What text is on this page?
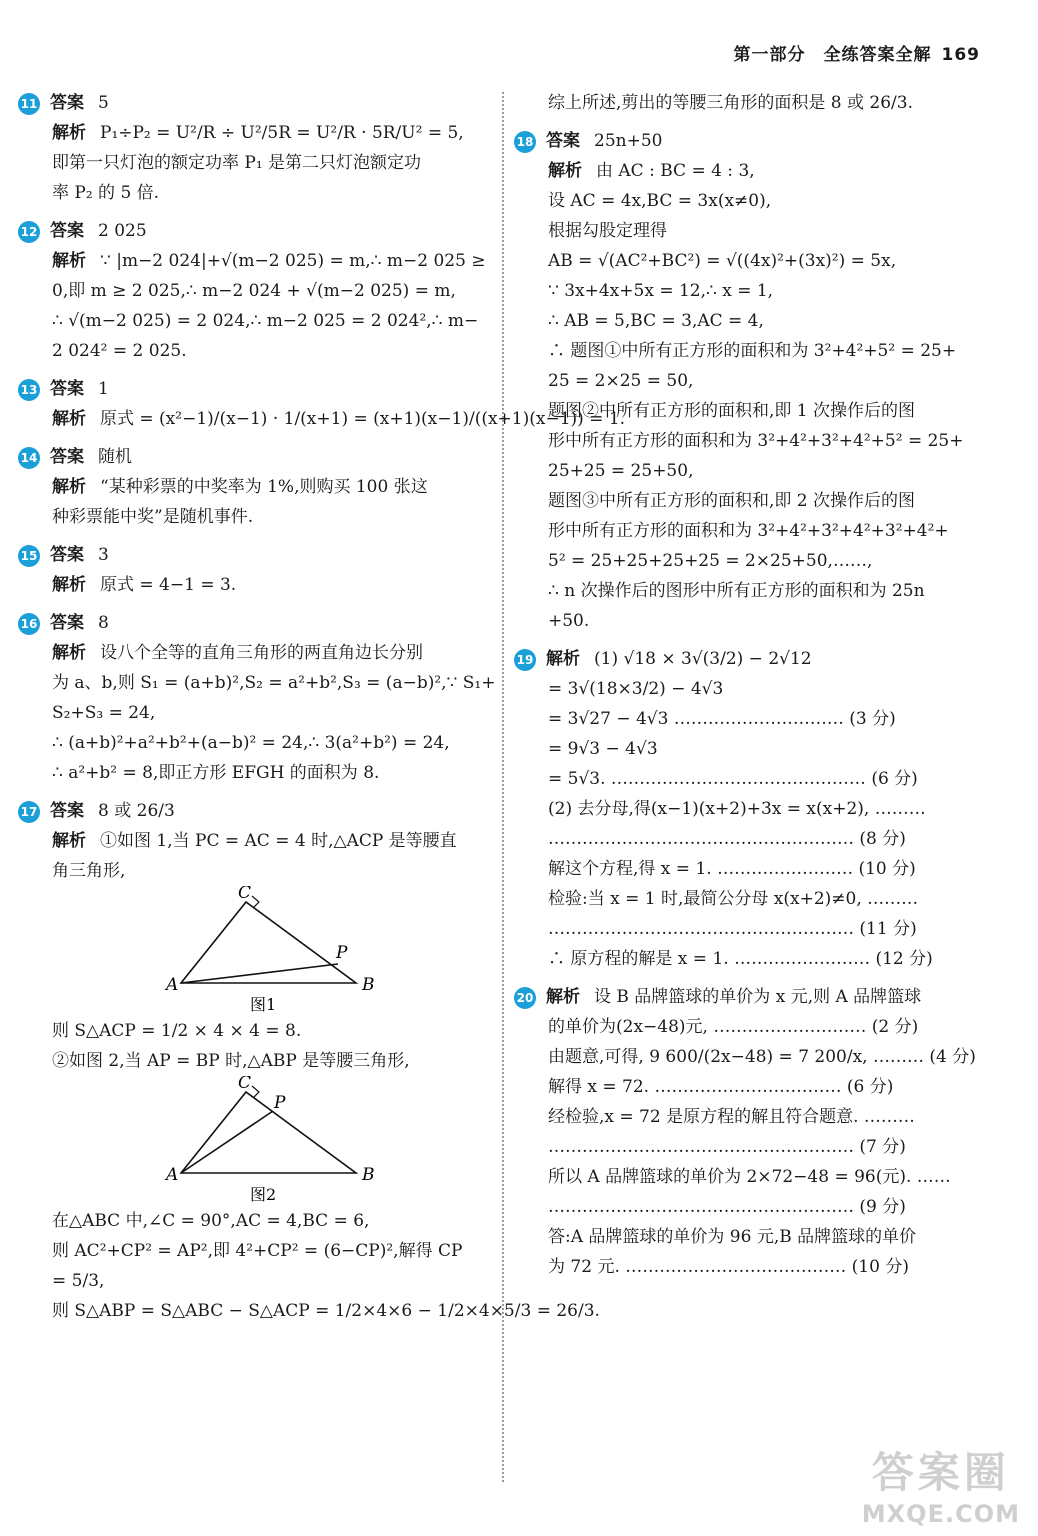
第一部分　全练答案全解 169
11 答案 5
解析 P₁÷P₂ = U²/R ÷ U²/5R = U²/R · 5R/U² = 5,
即第一只灯泡的额定功率 P₁ 是第二只灯泡额定功
率 P₂ 的 5 倍.
12 答案 2 025
解析 ∵ |m−2 024|+√(m−2 025) = m,∴ m−2 025 ≥
0,即 m ≥ 2 025,∴ m−2 024 + √(m−2 025) = m,
∴ √(m−2 025) = 2 024,∴ m−2 025 = 2 024²,∴ m−
2 024² = 2 025.
13 答案 1
解析 原式 = (x²−1)/(x−1) · 1/(x+1) = (x+1)(x−1)/((x+1)(x−1)) = 1.
14 答案 随机
解析 “某种彩票的中奖率为 1%,则购买 100 张这
种彩票能中奖”是随机事件.
15 答案 3
解析 原式 = 4−1 = 3.
16 答案 8
解析 设八个全等的直角三角形的两直角边长分别
为 a、b,则 S₁ = (a+b)²,S₂ = a²+b²,S₃ = (a−b)²,∵ S₁+
S₂+S₃ = 24,
∴ (a+b)²+a²+b²+(a−b)² = 24,∴ 3(a²+b²) = 24,
∴ a²+b² = 8,即正方形 EFGH 的面积为 8.
17 答案 8 或 26/3
解析 ①如图 1,当 PC = AC = 4 时,△ACP 是等腰直
角三角形,
C
A
P
B
图1
则 S△ACP = 1/2 × 4 × 4 = 8.
②如图 2,当 AP = BP 时,△ABP 是等腰三角形,
C
P
A	B
图2
在△ABC 中,∠C = 90°,AC = 4,BC = 6,
则 AC²+CP² = AP²,即 4²+CP² = (6−CP)²,解得 CP
= 5/3,
则 S△ABP = S△ABC − S△ACP = 1/2×4×6 − 1/2×4×5/3 = 26/3.
综上所述,剪出的等腰三角形的面积是 8 或 26/3.
18 答案 25n+50
解析 由 AC : BC = 4 : 3,
设 AC = 4x,BC = 3x(x≠0),
根据勾股定理得
AB = √(AC²+BC²) = √((4x)²+(3x)²) = 5x,
∵ 3x+4x+5x = 12,∴ x = 1,
∴ AB = 5,BC = 3,AC = 4,
∴ 题图①中所有正方形的面积和为 3²+4²+5² = 25+
25 = 2×25 = 50,
题图②中所有正方形的面积和,即 1 次操作后的图
形中所有正方形的面积和为 3²+4²+3²+4²+5² = 25+
25+25 = 25+50,
题图③中所有正方形的面积和,即 2 次操作后的图
形中所有正方形的面积和为 3²+4²+3²+4²+3²+4²+
5² = 25+25+25+25 = 2×25+50,……,
∴ n 次操作后的图形中所有正方形的面积和为 25n
+50.
19 解析 (1) √18 × 3√(3/2) − 2√12
= 3√(18×3/2) − 4√3
= 3√27 − 4√3 ………………………… (3 分)
= 9√3 − 4√3
= 5√3. ……………………………………… (6 分)
(2) 去分母,得(x−1)(x+2)+3x = x(x+2), ………
……………………………………………… (8 分)
解这个方程,得 x = 1. …………………… (10 分)
检验:当 x = 1 时,最简公分母 x(x+2)≠0, ………
……………………………………………… (11 分)
∴ 原方程的解是 x = 1. …………………… (12 分)
20 解析 设 B 品牌篮球的单价为 x 元,则 A 品牌篮球
的单价为(2x−48)元, ……………………… (2 分)
由题意,可得, 9 600/(2x−48) = 7 200/x, ……… (4 分)
解得 x = 72. …………………………… (6 分)
经检验,x = 72 是原方程的解且符合题意. ………
……………………………………………… (7 分)
所以 A 品牌篮球的单价为 2×72−48 = 96(元). ……
……………………………………………… (9 分)
答:A 品牌篮球的单价为 96 元,B 品牌篮球的单价
为 72 元. ………………………………… (10 分)
答案圈
MXQE.COM
